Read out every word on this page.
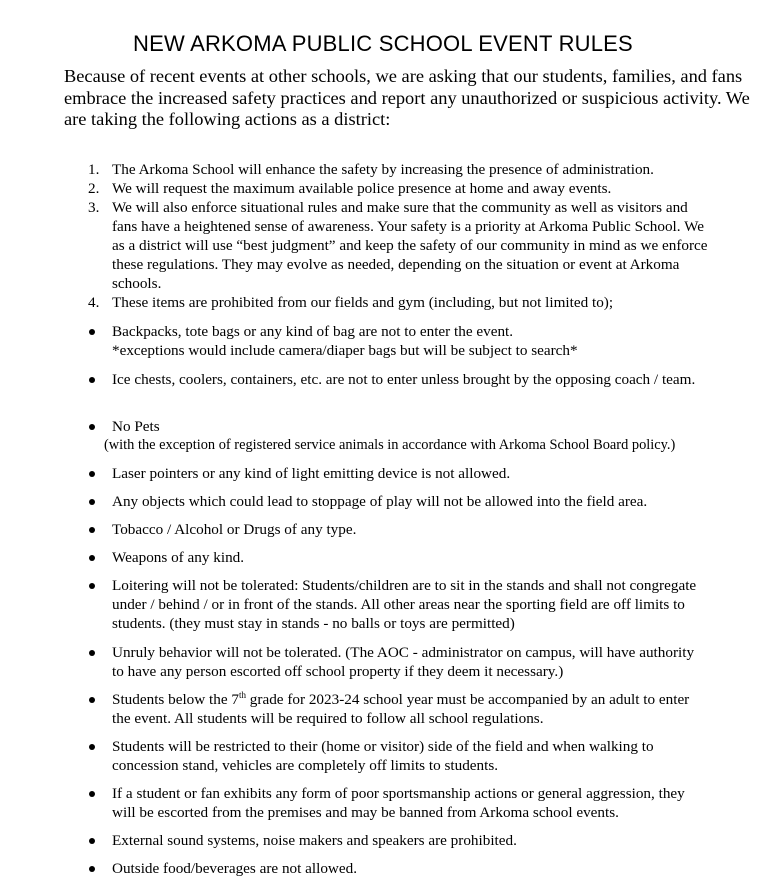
NEW ARKOMA PUBLIC SCHOOL EVENT RULES
Because of recent events at other schools, we are asking that our students, families, and fans embrace the increased safety practices and report any unauthorized or suspicious activity. We are taking the following actions as a district:
1. The Arkoma School will enhance the safety by increasing the presence of administration.
2. We will request the maximum available police presence at home and away events.
3. We will also enforce situational rules and make sure that the community as well as visitors and fans have a heightened sense of awareness. Your safety is a priority at Arkoma Public School. We as a district will use “best judgment” and keep the safety of our community in mind as we enforce these regulations. They may evolve as needed, depending on the situation or event at Arkoma schools.
4. These items are prohibited from our fields and gym (including, but not limited to);
Backpacks, tote bags or any kind of bag are not to enter the event.
*exceptions would include camera/diaper bags but will be subject to search*
Ice chests, coolers, containers, etc. are not to enter unless brought by the opposing coach / team.
No Pets
(with the exception of registered service animals in accordance with Arkoma School Board policy.)
Laser pointers or any kind of light emitting device is not allowed.
Any objects which could lead to stoppage of play will not be allowed into the field area.
Tobacco / Alcohol or Drugs of any type.
Weapons of any kind.
Loitering will not be tolerated: Students/children are to sit in the stands and shall not congregate under / behind / or in front of the stands. All other areas near the sporting field are off limits to students. (they must stay in stands - no balls or toys are permitted)
Unruly behavior will not be tolerated. (The AOC - administrator on campus, will have authority to have any person escorted off school property if they deem it necessary.)
Students below the 7th grade for 2023-24 school year must be accompanied by an adult to enter the event. All students will be required to follow all school regulations.
Students will be restricted to their (home or visitor) side of the field and when walking to concession stand, vehicles are completely off limits to students.
If a student or fan exhibits any form of poor sportsmanship actions or general aggression, they will be escorted from the premises and may be banned from Arkoma school events.
External sound systems, noise makers and speakers are prohibited.
Outside food/beverages are not allowed.
